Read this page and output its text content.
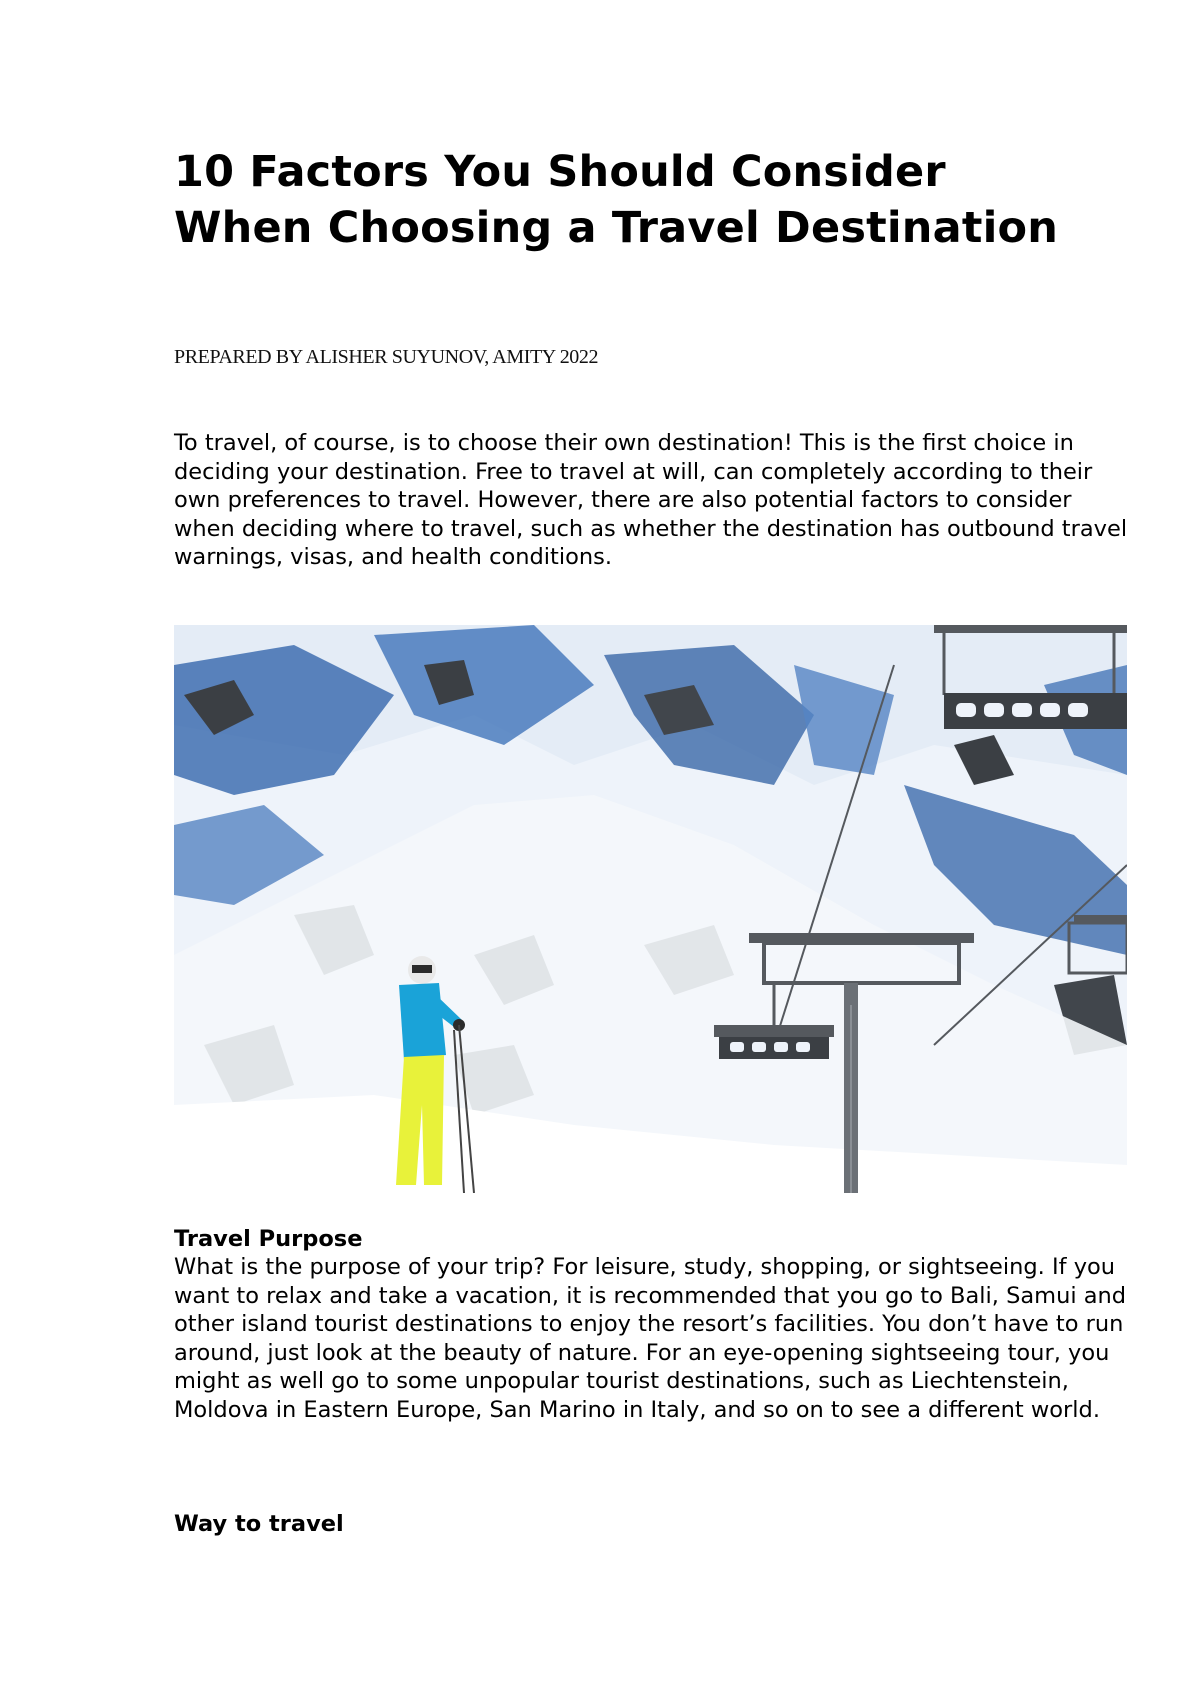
10 Factors You Should Consider When Choosing a Travel Destination

PREPARED BY ALISHER SUYUNOV, AMITY 2022

To travel, of course, is to choose their own destination! This is the first choice in deciding your destination. Free to travel at will, can completely according to their own preferences to travel. However, there are also potential factors to consider when deciding where to travel, such as whether the destination has outbound travel warnings, visas, and health conditions.

Travel Purpose

What is the purpose of your trip? For leisure, study, shopping, or sightseeing. If you want to relax and take a vacation, it is recommended that you go to Bali, Samui and other island tourist destinations to enjoy the resort’s facilities. You don’t have to run around, just look at the beauty of nature. For an eye-opening sightseeing tour, you might as well go to some unpopular tourist destinations, such as Liechtenstein, Moldova in Eastern Europe, San Marino in Italy, and so on to see a different world.

Way to travel
